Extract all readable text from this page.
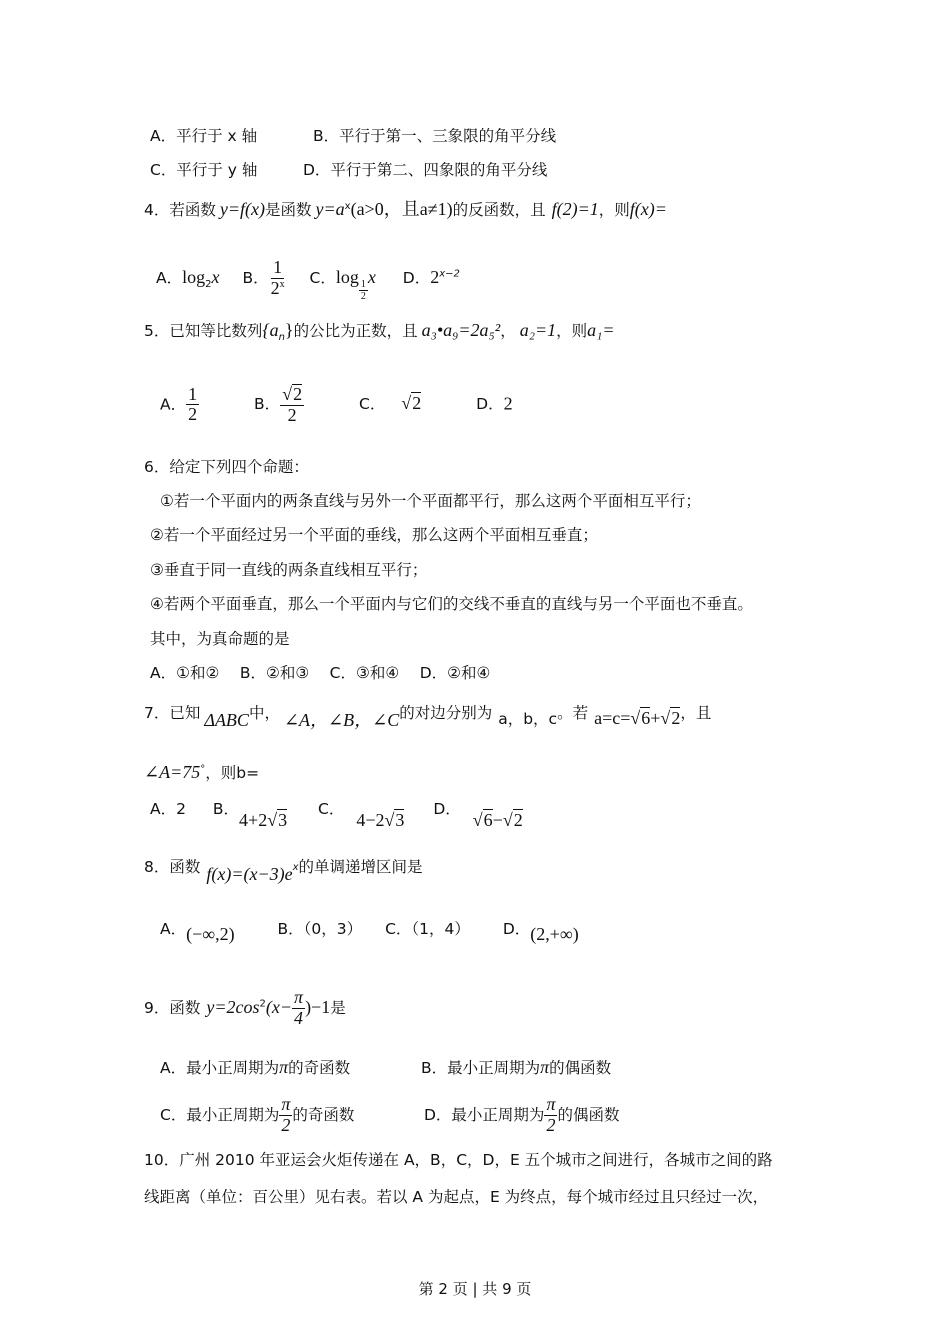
A．平行于 x 轴	B．平行于第一、三象限的角平分线
C．平行于 y 轴	D．平行于第二、四象限的角平分线
4．若函数 y=f(x)是函数 $y=a^x(a>0$，且a≠1)的反函数，且 f(2)=1，则f(x)=
A．$\log_2x$ B． $\frac{1}{2^x}$ C．log
$\frac{1}{2}$
x D．$2^{x-2}$
5．已知等比数列$\{a_n\}$的公比为正数，且 a₃•a₉=2a₅²， a₂=1，则a₁=
A． $\frac{1}{2}$	B． $\frac{√2}{2}$	C． √2	D．2
6．给定下列四个命题：
①若一个平面内的两条直线与另外一个平面都平行，那么这两个平面相互平行；
②若一个平面经过另一个平面的垂线，那么这两个平面相互垂直；
③垂直于同一直线的两条直线相互平行；
④若两个平面垂直，那么一个平面内与它们的交线不垂直的直线与另一个平面也不垂直。
其中，为真命题的是
A．①和②　 B．②和③　 C．③和④　 D．②和④
7．已知 ΔABC中， ∠A，∠B，∠C的对边分别为 a，b，c。若 a=c=√6+√2，且
∠A=75°，则b=
A．2 B．4+2√3 C．4−2√3 D．√6−√2
8．函数 $f(x)=(x-3)e^x$的单调递增区间是
A．(−∞,2)	B．（0，3） C．（1，4） D．(2,+∞)
9．函数 $y=2\cos^2(x- \frac{\pi}{4} )-1$是
A．最小正周期为π的奇函数	B．最小正周期为π的偶函数
C．最小正周期为 $\frac{\pi}{2}$ 的奇函数	D．最小正周期为 $\frac{\pi}{2}$ 的偶函数
10．广州 2010 年亚运会火炬传递在 A，B，C，D，E 五个城市之间进行，各城市之间的路
线距离（单位：百公里）见右表。若以 A 为起点，E 为终点，每个城市经过且只经过一次，
第 2 页 | 共 9 页
